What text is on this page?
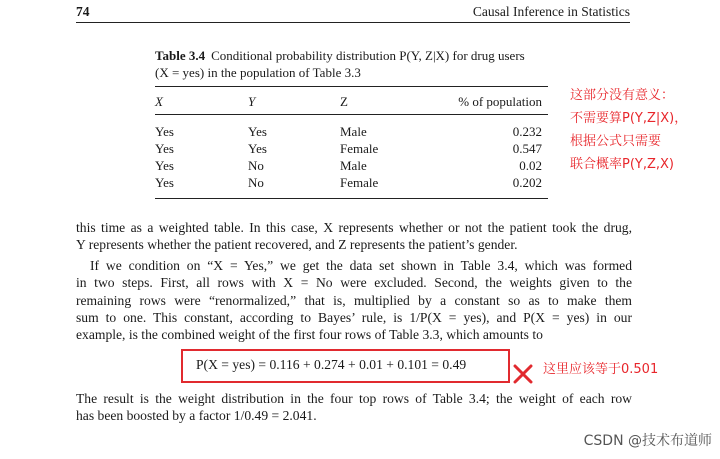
74	Causal Inference in Statistics
Table 3.4 Conditional probability distribution P(Y, Z|X) for drug users
(X = yes) in the population of Table 3.3
X	Y	Z	% of population
Yes	Yes	Male	0.232
Yes	Yes	Female	0.547
Yes	No	Male	0.02
Yes	No	Female	0.202
这部分没有意义：
不需要算P(Y,Z|X)，
根据公式只需要
联合概率P(Y,Z,X)
this time as a weighted table. In this case, X represents whether or not the patient took the drug,
Y represents whether the patient recovered, and Z represents the patient’s gender.
If we condition on “X = Yes,” we get the data set shown in Table 3.4, which was formed
in two steps. First, all rows with X = No were excluded. Second, the weights given to the
remaining rows were “renormalized,” that is, multiplied by a constant so as to make them
sum to one. This constant, according to Bayes’ rule, is 1/P(X = yes), and P(X = yes) in our
example, is the combined weight of the first four rows of Table 3.3, which amounts to
P(X = yes) = 0.116 + 0.274 + 0.01 + 0.101 = 0.49	这里应该等于0.501
The result is the weight distribution in the four top rows of Table 3.4; the weight of each row
has been boosted by a factor 1/0.49 = 2.041.
CSDN @技术布道师
